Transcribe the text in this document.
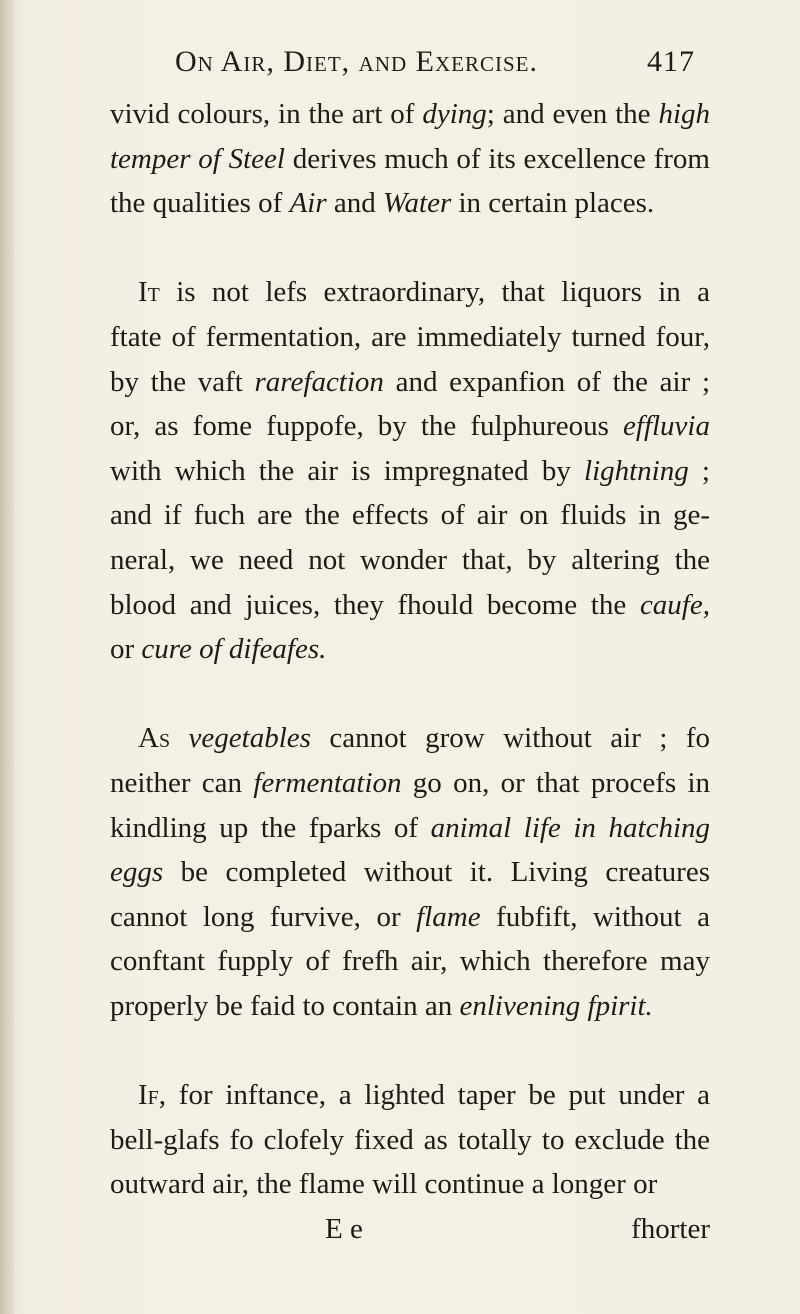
On Air, Diet, and Exercise.	417
vivid colours, in the art of dying; and even the high
temper of Steel derives much of its excellence from
the qualities of Air and Water in certain places.
It is not lefs extraordinary, that liquors in a
ftate of fermentation, are immediately turned four,
by the vaft rarefaction and expanfion of the air ;
or, as fome fuppofe, by the fulphureous effluvia
with which the air is impregnated by lightning ;
and if fuch are the effects of air on fluids in ge-
neral, we need not wonder that, by altering the
blood and juices, they fhould become the caufe,
or cure of difeafes.
As vegetables cannot grow without air ; fo
neither can fermentation go on, or that procefs in
kindling up the fparks of animal life in hatching
eggs be completed without it. Living creatures
cannot long furvive, or flame fubfift, without a
conftant fupply of frefh air, which therefore may
properly be faid to contain an enlivening fpirit.
If, for inftance, a lighted taper be put under a
bell-glafs fo clofely fixed as totally to exclude the
outward air, the flame will continue a longer or
E e	fhorter
